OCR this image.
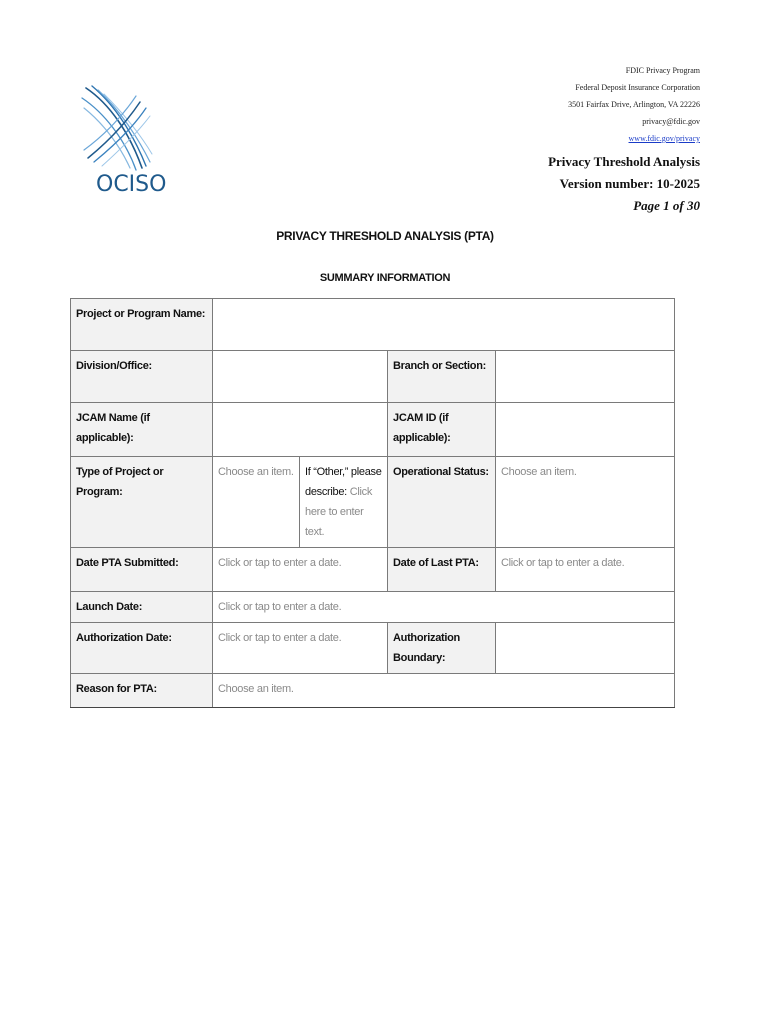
OCISO
FDIC Privacy Program
Federal Deposit Insurance Corporation
3501 Fairfax Drive, Arlington, VA 22226
privacy@fdic.gov
www.fdic.gov/privacy
Privacy Threshold Analysis
Version number: 10-2025
Page 1 of 30
PRIVACY THRESHOLD ANALYSIS (PTA)
SUMMARY INFORMATION
Project or Program Name:				
Division/Office:			Branch or Section:	
JCAM Name (if applicable):			JCAM ID (if applicable):	
Type of Project or Program:	Choose an item.	If “Other,” please describe: Click here to enter text.	Operational Status:	Choose an item.
Date PTA Submitted:	Click or tap to enter a date.		Date of Last PTA:	Click or tap to enter a date.
Launch Date:	Click or tap to enter a date.			
Authorization Date:	Click or tap to enter a date.		Authorization Boundary:	
Reason for PTA:	Choose an item.			
